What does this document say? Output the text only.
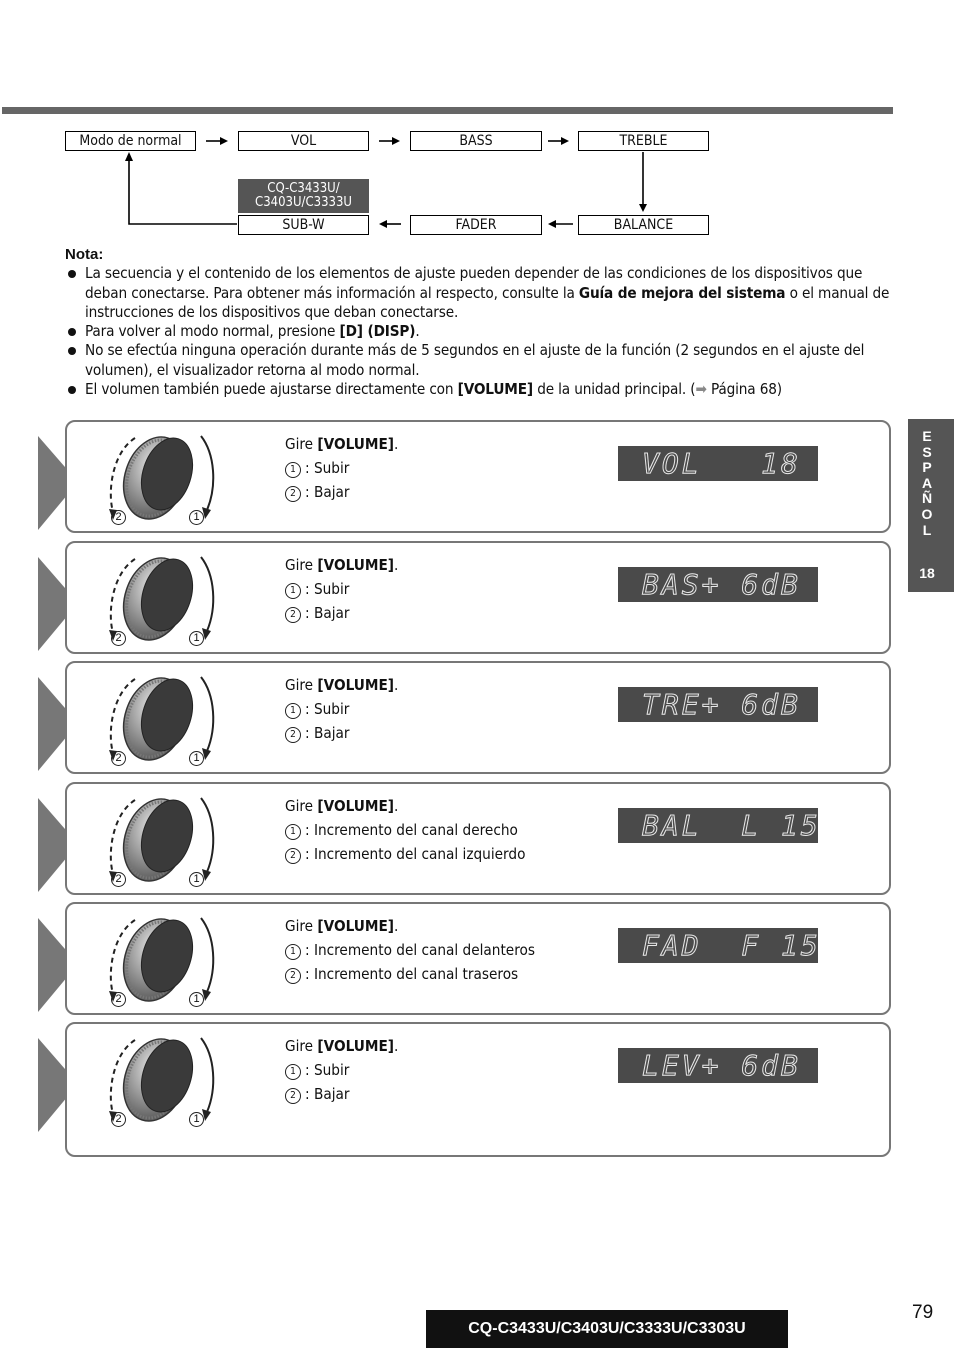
Modo de normal	VOL	BASS	TREBLE
CQ-C3433U/
C3403U/C3333U
SUB-W	FADER	BALANCE
Nota:
La secuencia y el contenido de los elementos de ajuste pueden depender de las condiciones de los dispositivos que deban conectarse. Para obtener más información al respecto, consulte la Guía de mejora del sistema o el manual de instrucciones de los dispositivos que deban conectarse.
Para volver al modo normal, presione [D] (DISP).
No se efectúa ninguna operación durante más de 5 segundos en el ajuste de la función (2 segundos en el ajuste del volumen), el visualizador retorna al modo normal.
El volumen también puede ajustarse directamente con [VOLUME] de la unidad principal. (➡ Página 68)
2	1
Gire [VOLUME].
1 : Subir
2 : Bajar
VOL   18
2	1
Gire [VOLUME].
1 : Subir
2 : Bajar
BAS+ 6dB
2	1
Gire [VOLUME].
1 : Subir
2 : Bajar
TRE+ 6dB
2	1
Gire [VOLUME].
1 : Incremento del canal derecho
2 : Incremento del canal izquierdo
BAL  L 15
2	1
Gire [VOLUME].
1 : Incremento del canal delanteros
2 : Incremento del canal traseros
FAD  F 15
2	1
Gire [VOLUME].
1 : Subir
2 : Bajar
LEV+ 6dB
E
S
P
A
Ñ
O
L
18
CQ-C3433U/C3403U/C3333U/C3303U
79
